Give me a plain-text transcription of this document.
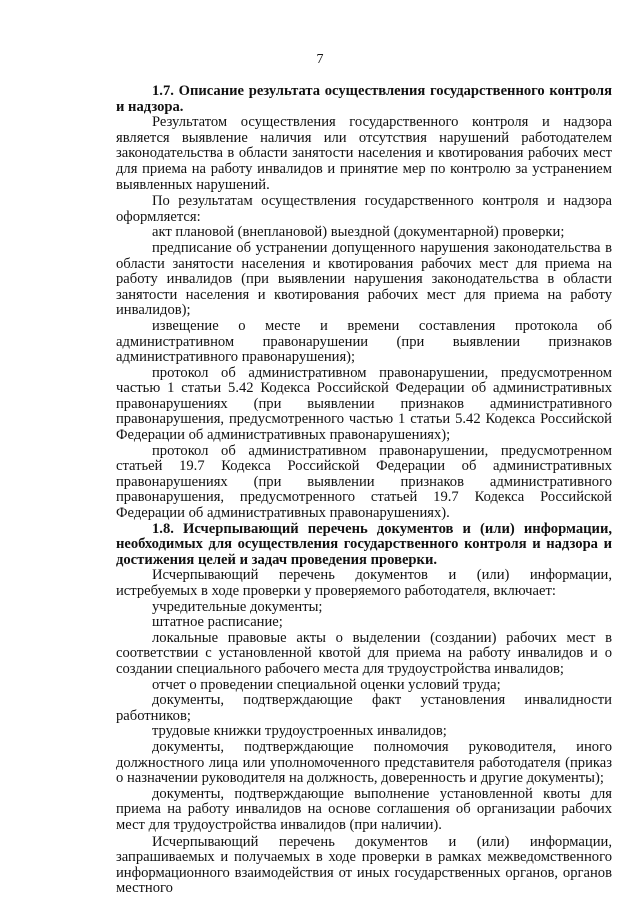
7

1.7. Описание результата осуществления государственного контроля и надзора.

Результатом осуществления государственного контроля и надзора является выявление наличия или отсутствия нарушений работодателем законодательства в области занятости населения и квотирования рабочих мест для приема на работу инвалидов и принятие мер по контролю за устранением выявленных нарушений.

По результатам осуществления государственного контроля и надзора оформляется:

акт плановой (внеплановой) выездной (документарной) проверки;

предписание об устранении допущенного нарушения законодательства в области занятости населения и квотирования рабочих мест для приема на работу инвалидов (при выявлении нарушения законодательства в области занятости населения и квотирования рабочих мест для приема на работу инвалидов);

извещение о месте и времени составления протокола об административном правонарушении (при выявлении признаков административного правонарушения);

протокол об административном правонарушении, предусмотренном частью 1 статьи 5.42 Кодекса Российской Федерации об административных правонарушениях (при выявлении признаков административного правонарушения, предусмотренного частью 1 статьи 5.42 Кодекса Российской Федерации об административных правонарушениях);

протокол об административном правонарушении, предусмотренном статьей 19.7 Кодекса Российской Федерации об административных правонарушениях (при выявлении признаков административного правонарушения, предусмотренного статьей 19.7 Кодекса Российской Федерации об административных правонарушениях).

1.8. Исчерпывающий перечень документов и (или) информации, необходимых для осуществления государственного контроля и надзора и достижения целей и задач проведения проверки.

Исчерпывающий перечень документов и (или) информации, истребуемых в ходе проверки у проверяемого работодателя, включает:

учредительные документы;

штатное расписание;

локальные правовые акты о выделении (создании) рабочих мест в соответствии с установленной квотой для приема на работу инвалидов и о создании специального рабочего места для трудоустройства инвалидов;

отчет о проведении специальной оценки условий труда;

документы, подтверждающие факт установления инвалидности работников;

трудовые книжки трудоустроенных инвалидов;

документы, подтверждающие полномочия руководителя, иного должностного лица или уполномоченного представителя работодателя (приказ о назначении руководителя на должность, доверенность и другие документы);

документы, подтверждающие выполнение установленной квоты для приема на работу инвалидов на основе соглашения об организации рабочих мест для трудоустройства инвалидов (при наличии).

Исчерпывающий перечень документов и (или) информации, запрашиваемых и получаемых в ходе проверки в рамках межведомственного информационного взаимодействия от иных государственных органов, органов местного
